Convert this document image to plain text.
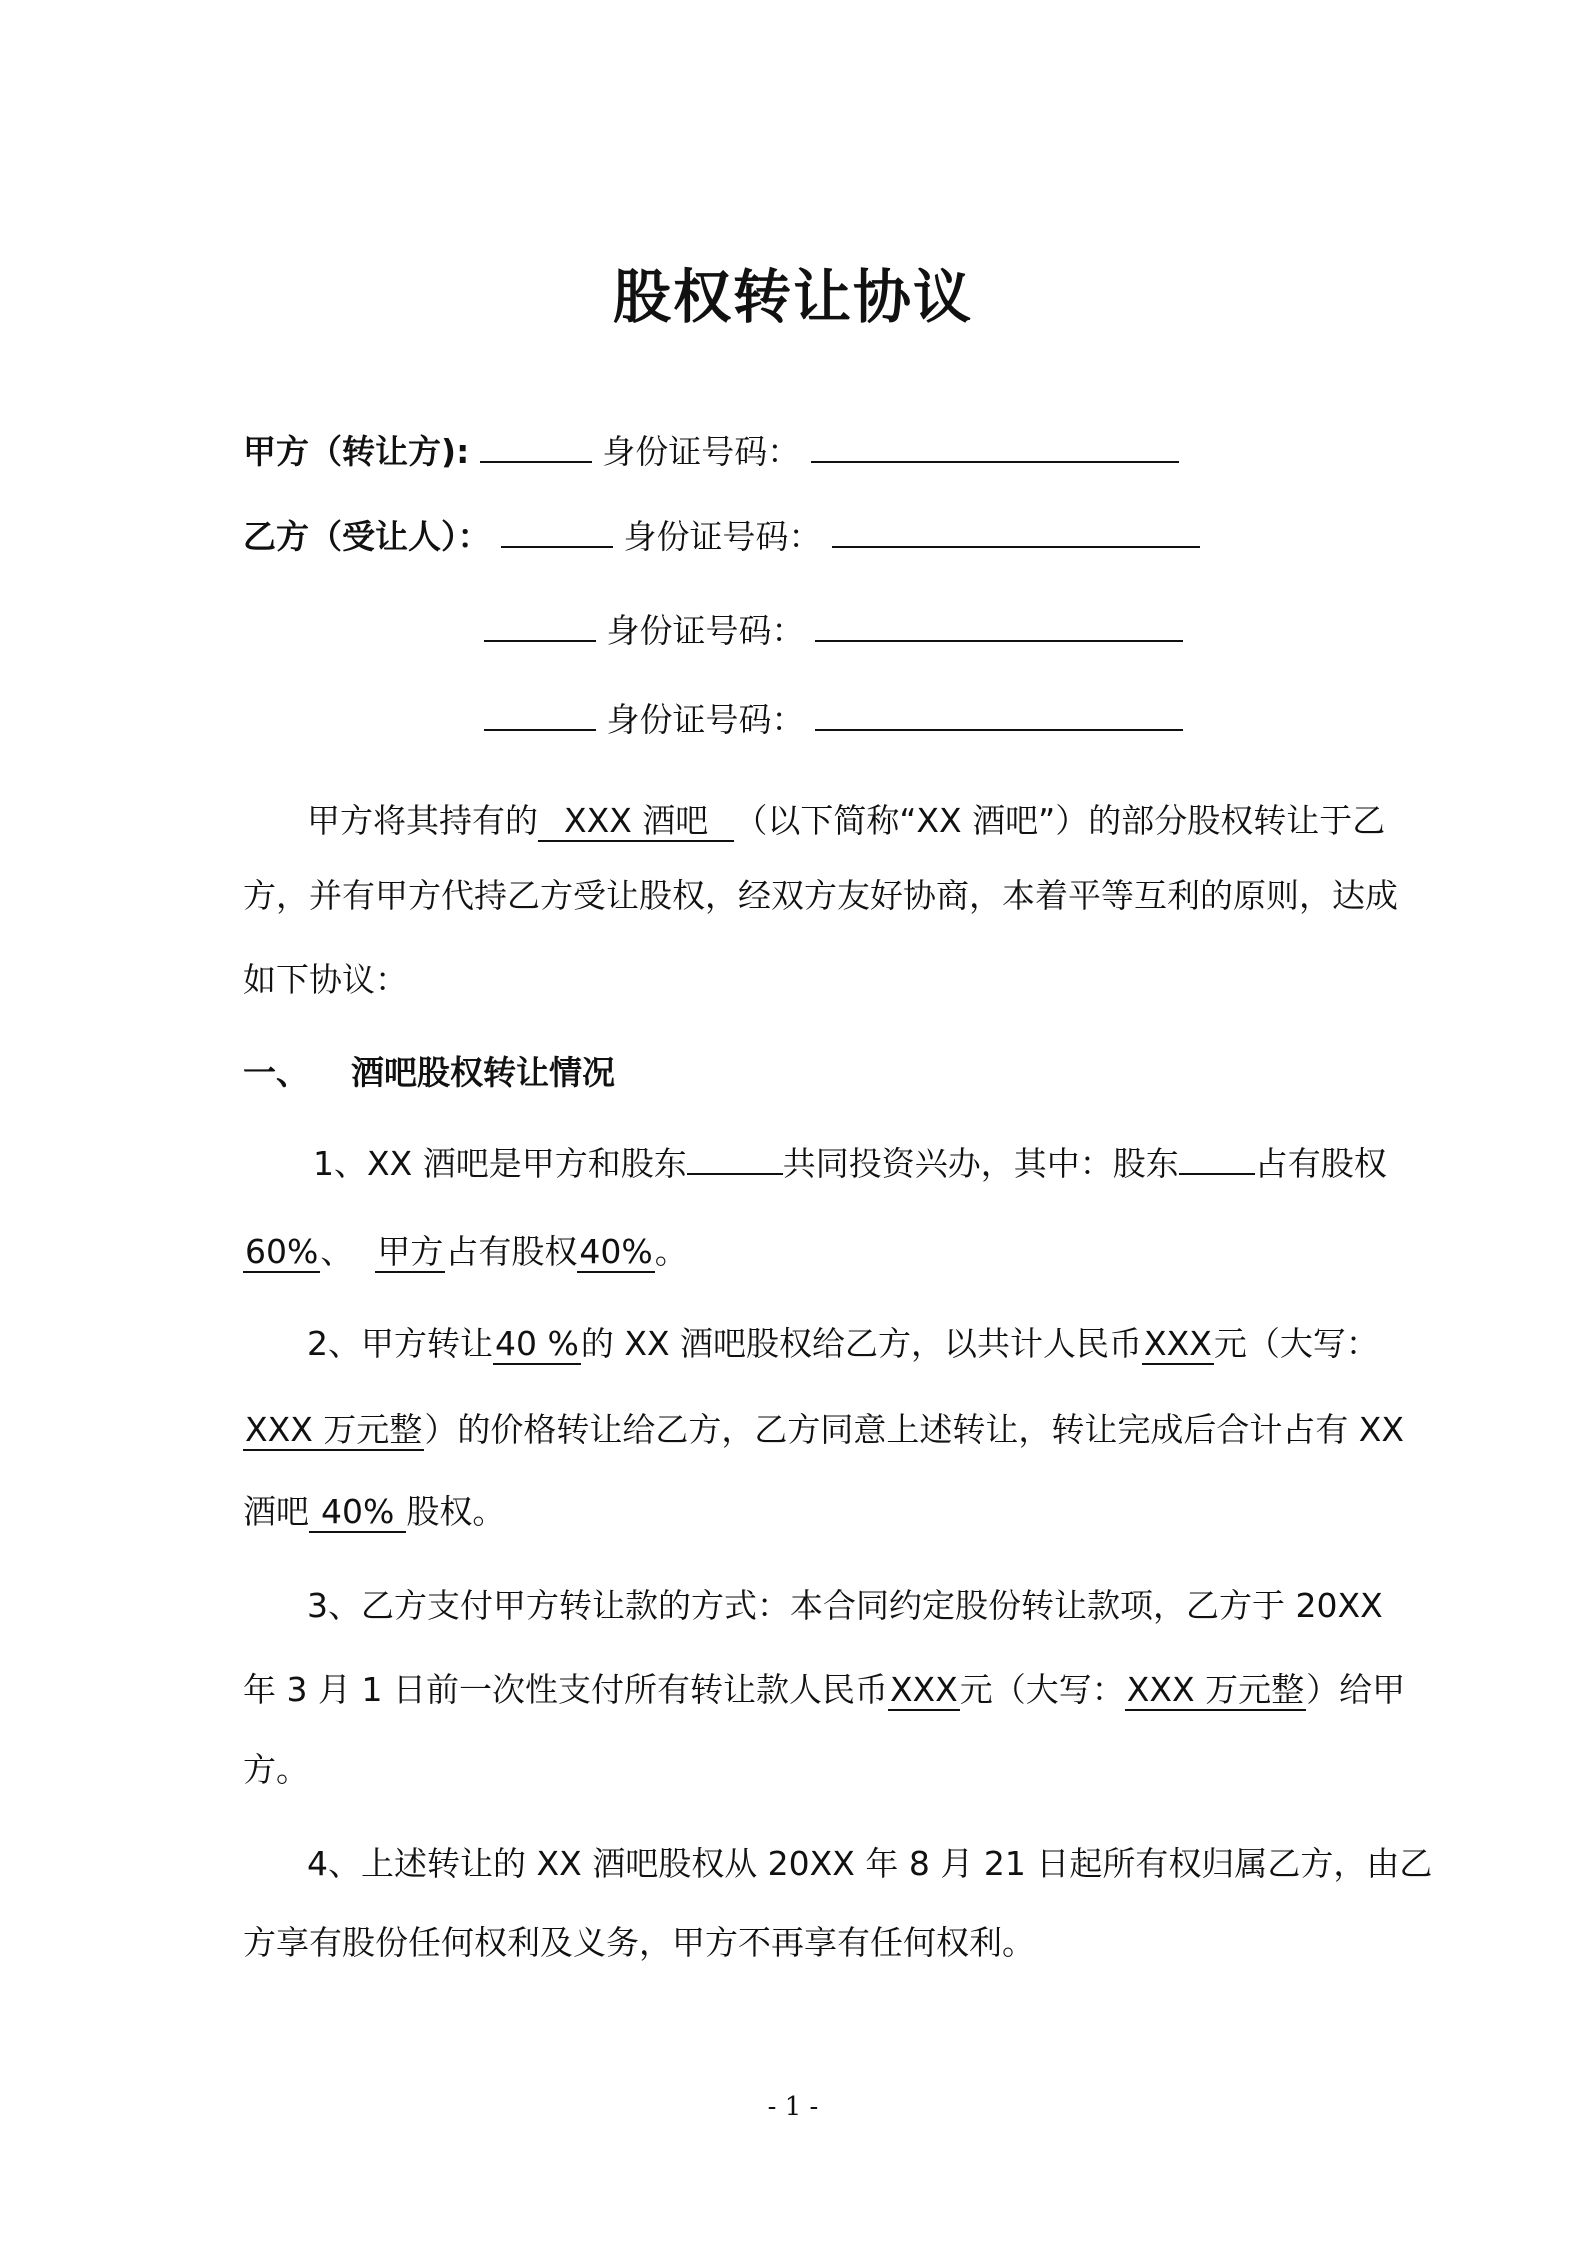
股权转让协议
甲方（转让方):	身份证号码：
乙方（受让人）：	身份证号码：
身份证号码：
身份证号码：
甲方将其持有的 XXX 酒吧 （以下简称“XX 酒吧”）的部分股权转让于乙
方，并有甲方代持乙方受让股权，经双方友好协商，本着平等互利的原则，达成
如下协议：
一、 酒吧股权转让情况
1、XX 酒吧是甲方和股东	共同投资兴办，其中：股东 占有股权
60%、 甲方占有股权40%。
2、甲方转让40 %的 XX 酒吧股权给乙方，以共计人民币XXX元（大写：
XXX 万元整）的价格转让给乙方，乙方同意上述转让，转让完成后合计占有 XX
酒吧 40% 股权。
3、乙方支付甲方转让款的方式：本合同约定股份转让款项，乙方于 20XX
年 3 月 1 日前一次性支付所有转让款人民币XXX元（大写：XXX 万元整）给甲
方。
4、上述转让的 XX 酒吧股权从 20XX 年 8 月 21 日起所有权归属乙方，由乙
方享有股份任何权利及义务，甲方不再享有任何权利。
- 1 -
